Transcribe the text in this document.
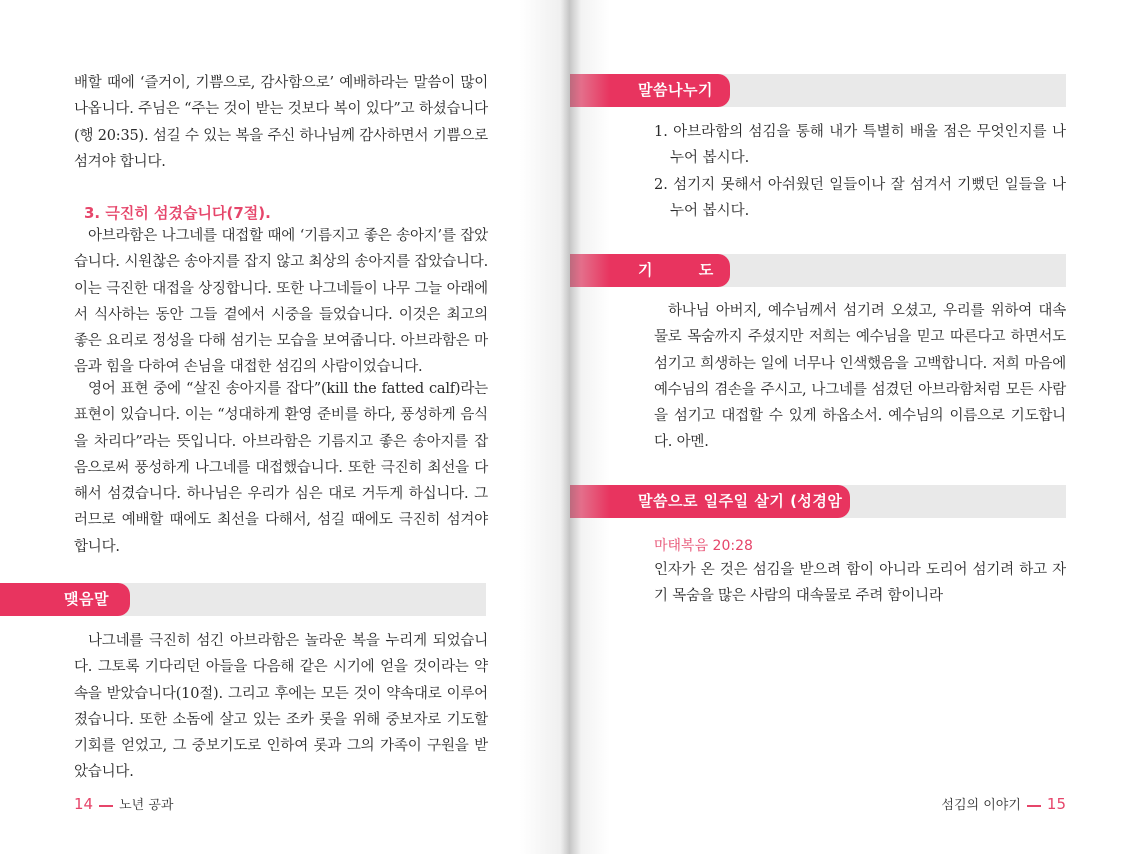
배할 때에 ‘즐거이, 기쁨으로, 감사함으로’ 예배하라는 말씀이 많이 나옵니다. 주님은 “주는 것이 받는 것보다 복이 있다”고 하셨습니다 (행 20:35). 섬길 수 있는 복을 주신 하나님께 감사하면서 기쁨으로 섬겨야 합니다.

3. 극진히 섬겼습니다(7절).

아브라함은 나그네를 대접할 때에 ‘기름지고 좋은 송아지’를 잡았습니다. 시원찮은 송아지를 잡지 않고 최상의 송아지를 잡았습니다. 이는 극진한 대접을 상징합니다. 또한 나그네들이 나무 그늘 아래에서 식사하는 동안 그들 곁에서 시중을 들었습니다. 이것은 최고의 좋은 요리로 정성을 다해 섬기는 모습을 보여줍니다. 아브라함은 마음과 힘을 다하여 손님을 대접한 섬김의 사람이었습니다.

영어 표현 중에 “살진 송아지를 잡다”(kill the fatted calf)라는 표현이 있습니다. 이는 “성대하게 환영 준비를 하다, 풍성하게 음식을 차리다”라는 뜻입니다. 아브라함은 기름지고 좋은 송아지를 잡음으로써 풍성하게 나그네를 대접했습니다. 또한 극진히 최선을 다해서 섬겼습니다. 하나님은 우리가 심은 대로 거두게 하십니다. 그러므로 예배할 때에도 최선을 다해서, 섬길 때에도 극진히 섬겨야 합니다.

맺음말

나그네를 극진히 섬긴 아브라함은 놀라운 복을 누리게 되었습니다. 그토록 기다리던 아들을 다음해 같은 시기에 얻을 것이라는 약속을 받았습니다(10절). 그리고 후에는 모든 것이 약속대로 이루어졌습니다. 또한 소돔에 살고 있는 조카 롯을 위해 중보자로 기도할 기회를 얻었고, 그 중보기도로 인하여 롯과 그의 가족이 구원을 받았습니다.

14 노년 공과
말씀나누기
1. 아브라함의 섬김을 통해 내가 특별히 배울 점은 무엇인지를 나누어 봅시다.
2. 섬기지 못해서 아쉬웠던 일들이나 잘 섬겨서 기뻤던 일들을 나누어 봅시다.
기 도

하나님 아버지, 예수님께서 섬기려 오셨고, 우리를 위하여 대속물로 목숨까지 주셨지만 저희는 예수님을 믿고 따른다고 하면서도 섬기고 희생하는 일에 너무나 인색했음을 고백합니다. 저희 마음에 예수님의 겸손을 주시고, 나그네를 섬겼던 아브라함처럼 모든 사람을 섬기고 대접할 수 있게 하옵소서. 예수님의 이름으로 기도합니다. 아멘.

말씀으로 일주일 살기 (성경암송)
마태복음 20:28

인자가 온 것은 섬김을 받으려 함이 아니라 도리어 섬기려 하고 자기 목숨을 많은 사람의 대속물로 주려 함이니라

섬김의 이야기 15
